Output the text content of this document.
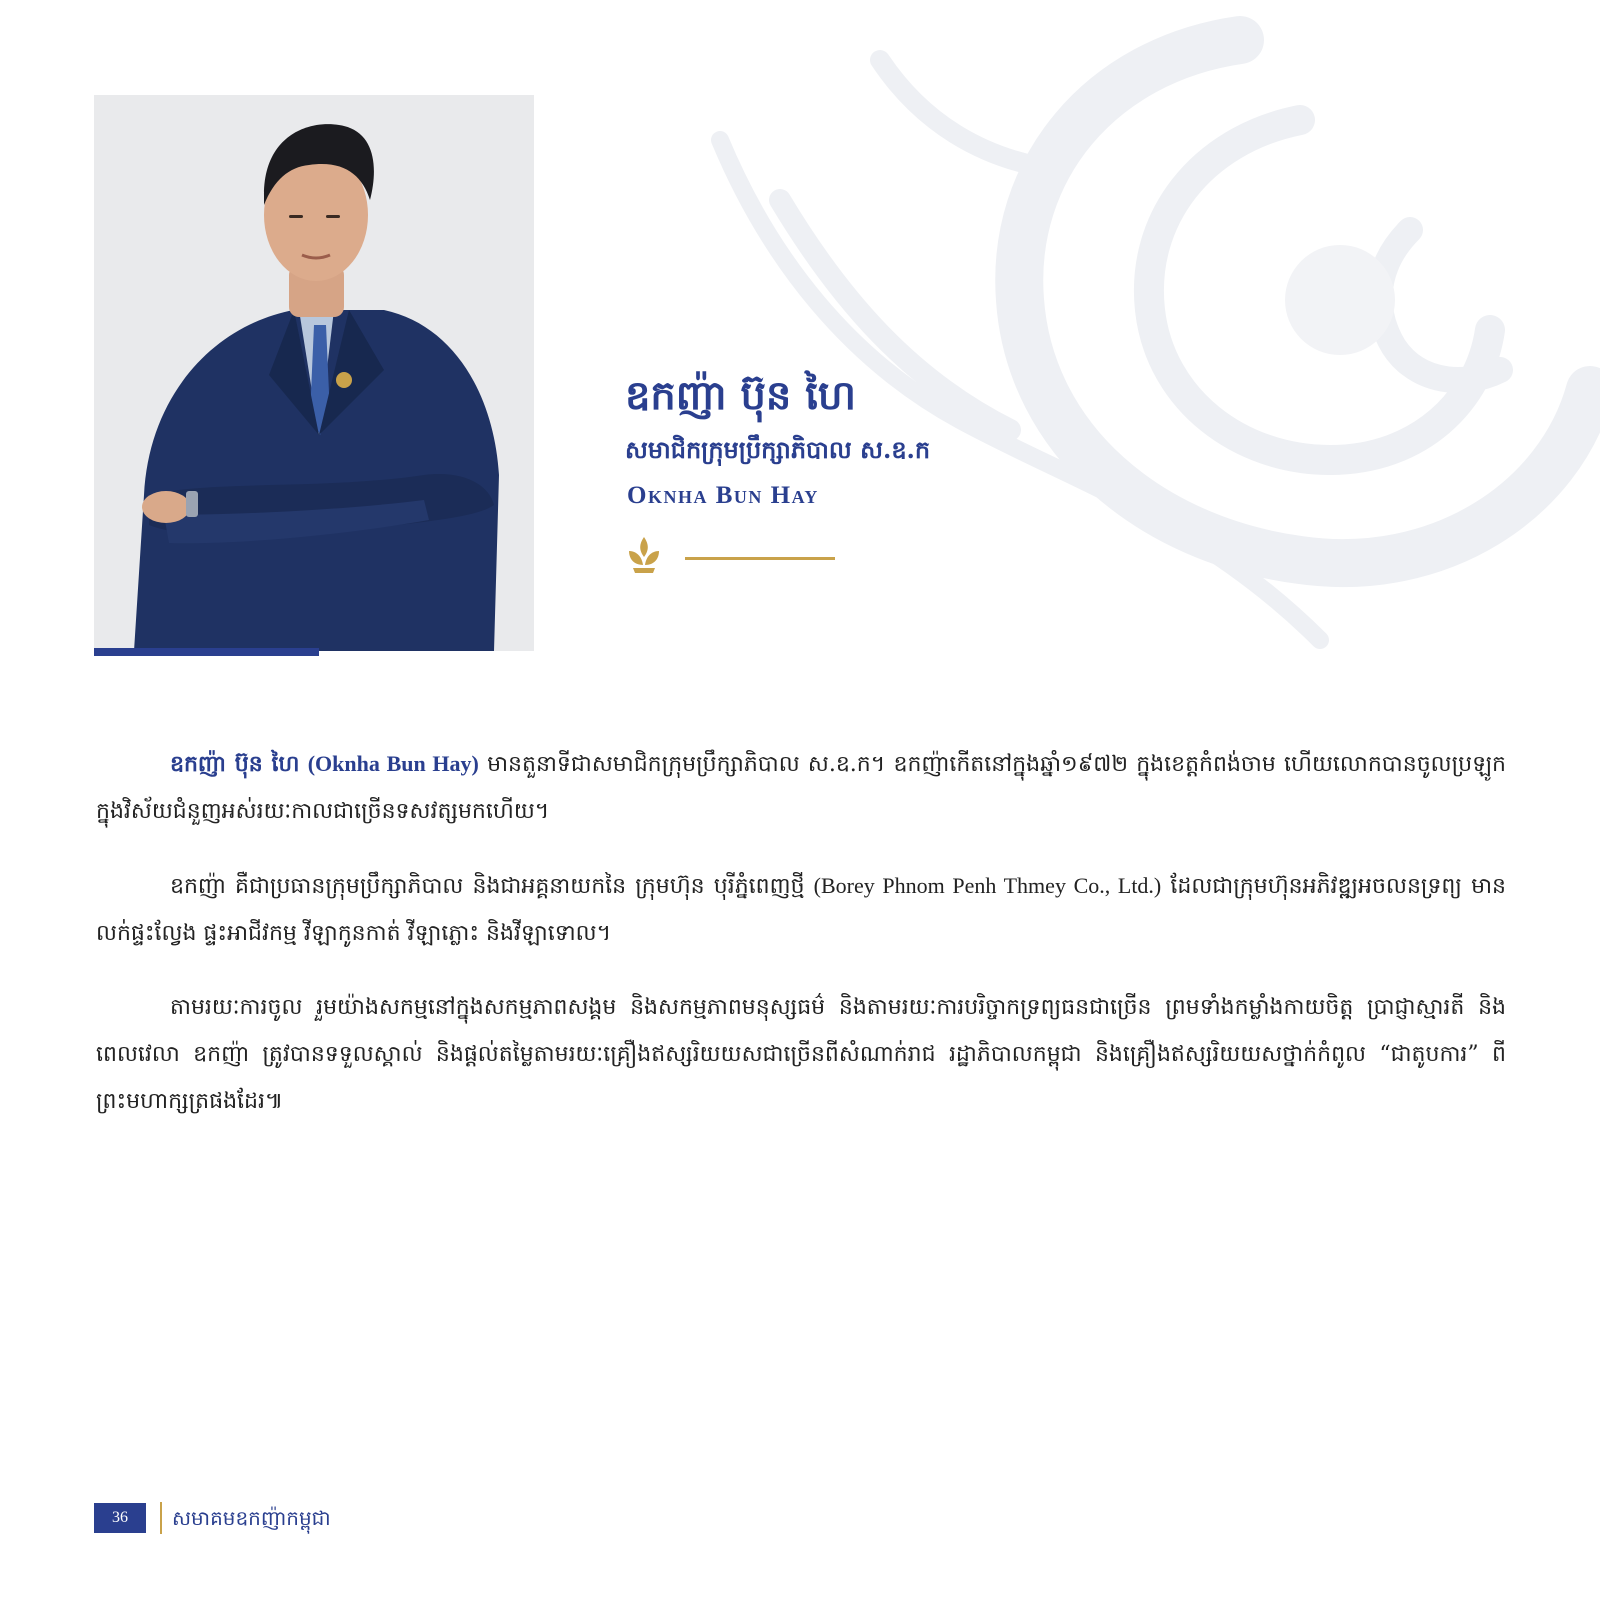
ឧកញ៉ា ប៊ុន ហៃ
សមាជិកក្រុមប្រឹក្សាភិបាល ស.ឧ.ក
Oknha Bun Hay

ឧកញ៉ា ប៊ុន ហៃ (Oknha Bun Hay) មានតួនាទីជាសមាជិកក្រុមប្រឹក្សាភិបាល ស.ឧ.ក។ ឧកញ៉ាកើតនៅក្នុងឆ្នាំ១៩៧២ ក្នុងខេត្តកំពង់ចាម ហើយលោកបានចូលប្រឡូកក្នុងវិស័យជំនួញអស់រយៈកាលជាច្រើនទសវត្សមកហើយ។

ឧកញ៉ា គឺជាប្រធានក្រុមប្រឹក្សាភិបាល និងជាអគ្គនាយកនៃ ក្រុមហ៊ុន បុរីភ្នំពេញថ្មី (Borey Phnom Penh Thmey Co., Ltd.) ដែលជាក្រុមហ៊ុនអភិវឌ្ឍអចលនទ្រព្យ មានលក់ផ្ទះល្វែង ផ្ទះអាជីវកម្ម វីឡាកូនកាត់ វីឡាភ្លោះ និងវីឡាទោល។

តាមរយៈការចូល រួមយ៉ាងសកម្មនៅក្នុងសកម្មភាពសង្គម និងសកម្មភាពមនុស្សធម៌ និងតាមរយៈការបរិច្ចាកទ្រព្យធនជាច្រើន ព្រមទាំងកម្លាំងកាយចិត្ត ប្រាជ្ញាស្មារតី និងពេលវេលា ឧកញ៉ា ត្រូវបានទទួលស្គាល់ និងផ្តល់តម្លៃតាមរយៈគ្រឿងឥស្សរិយយសជាច្រើនពីសំណាក់រាជ រដ្ឋាភិបាលកម្ពុជា និងគ្រឿងឥស្សរិយយសថ្នាក់កំពូល “ជាតូបការ” ពីព្រះមហាក្សត្រផងដែរ៕

36	សមាគមឧកញ៉ាកម្ពុជា
